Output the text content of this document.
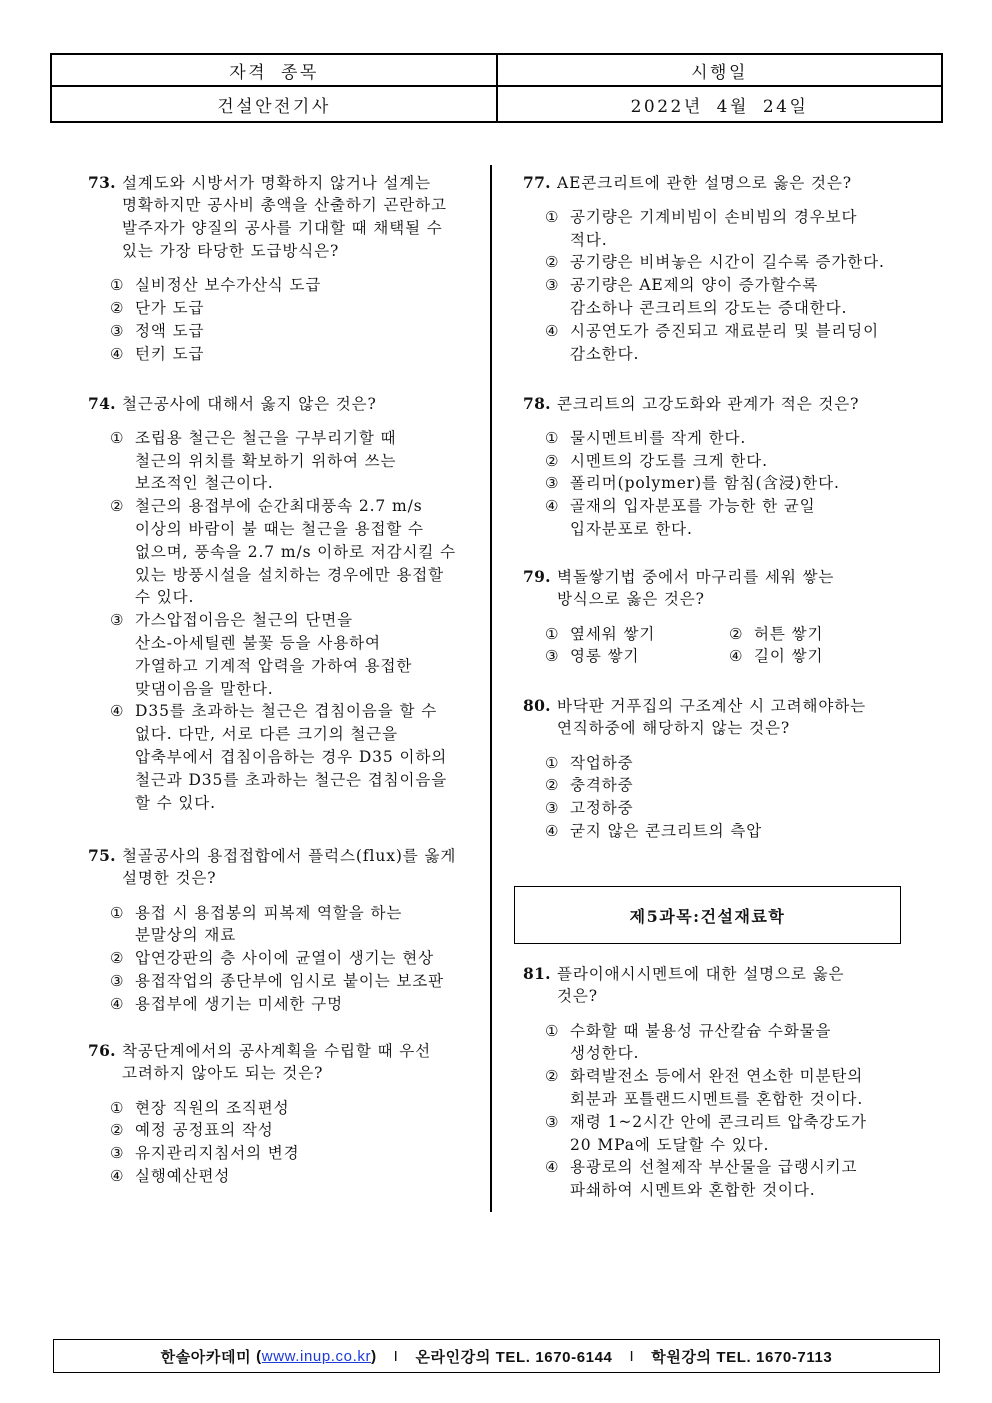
자격 종목	시행일
건설안전기사	2022년 4월 24일
73. 설계도와 시방서가 명확하지 않거나 설계는
명확하지만 공사비 총액을 산출하기 곤란하고
발주자가 양질의 공사를 기대할 때 채택될 수
있는 가장 타당한 도급방식은?
① 실비정산 보수가산식 도급
② 단가 도급
③ 정액 도급
④ 턴키 도급
74. 철근공사에 대해서 옳지 않은 것은?
① 조립용 철근은 철근을 구부리기할 때
철근의 위치를 확보하기 위하여 쓰는
보조적인 철근이다.
② 철근의 용접부에 순간최대풍속 2.7 m/s
이상의 바람이 불 때는 철근을 용접할 수
없으며, 풍속을 2.7 m/s 이하로 저감시킬 수
있는 방풍시설을 설치하는 경우에만 용접할
수 있다.
③ 가스압접이음은 철근의 단면을
산소-아세틸렌 불꽃 등을 사용하여
가열하고 기계적 압력을 가하여 용접한
맞댐이음을 말한다.
④ D35를 초과하는 철근은 겹침이음을 할 수
없다. 다만, 서로 다른 크기의 철근을
압축부에서 겹침이음하는 경우 D35 이하의
철근과 D35를 초과하는 철근은 겹침이음을
할 수 있다.
75. 철골공사의 용접접합에서 플럭스(flux)를 옳게
설명한 것은?
① 용접 시 용접봉의 피복제 역할을 하는
분말상의 재료
② 압연강판의 층 사이에 균열이 생기는 현상
③ 용접작업의 종단부에 임시로 붙이는 보조판
④ 용접부에 생기는 미세한 구멍
76. 착공단계에서의 공사계획을 수립할 때 우선
고려하지 않아도 되는 것은?
① 현장 직원의 조직편성
② 예정 공정표의 작성
③ 유지관리지침서의 변경
④ 실행예산편성
77. AE콘크리트에 관한 설명으로 옳은 것은?
① 공기량은 기계비빔이 손비빔의 경우보다
적다.
② 공기량은 비벼놓은 시간이 길수록 증가한다.
③ 공기량은 AE제의 양이 증가할수록
감소하나 콘크리트의 강도는 증대한다.
④ 시공연도가 증진되고 재료분리 및 블리딩이
감소한다.
78. 콘크리트의 고강도화와 관계가 적은 것은?
① 물시멘트비를 작게 한다.
② 시멘트의 강도를 크게 한다.
③ 폴리머(polymer)를 함침(含浸)한다.
④ 골재의 입자분포를 가능한 한 균일
입자분포로 한다.
79. 벽돌쌓기법 중에서 마구리를 세워 쌓는
방식으로 옳은 것은?
① 옆세워 쌓기	② 허튼 쌓기
③ 영롱 쌓기	④ 길이 쌓기
80. 바닥판 거푸집의 구조계산 시 고려해야하는
연직하중에 해당하지 않는 것은?
① 작업하중
② 충격하중
③ 고정하중
④ 굳지 않은 콘크리트의 측압
제5과목:건설재료학
81. 플라이애시시멘트에 대한 설명으로 옳은
것은?
① 수화할 때 불용성 규산칼슘 수화물을
생성한다.
② 화력발전소 등에서 완전 연소한 미분탄의
회분과 포틀랜드시멘트를 혼합한 것이다.
③ 재령 1~2시간 안에 콘크리트 압축강도가
20 MPa에 도달할 수 있다.
④ 용광로의 선철제작 부산물을 급랭시키고
파쇄하여 시멘트와 혼합한 것이다.
한솔아카데미 ( www.inup.co.kr ) I 온라인강의 TEL. 1670-6144 I 학원강의 TEL. 1670-7113
